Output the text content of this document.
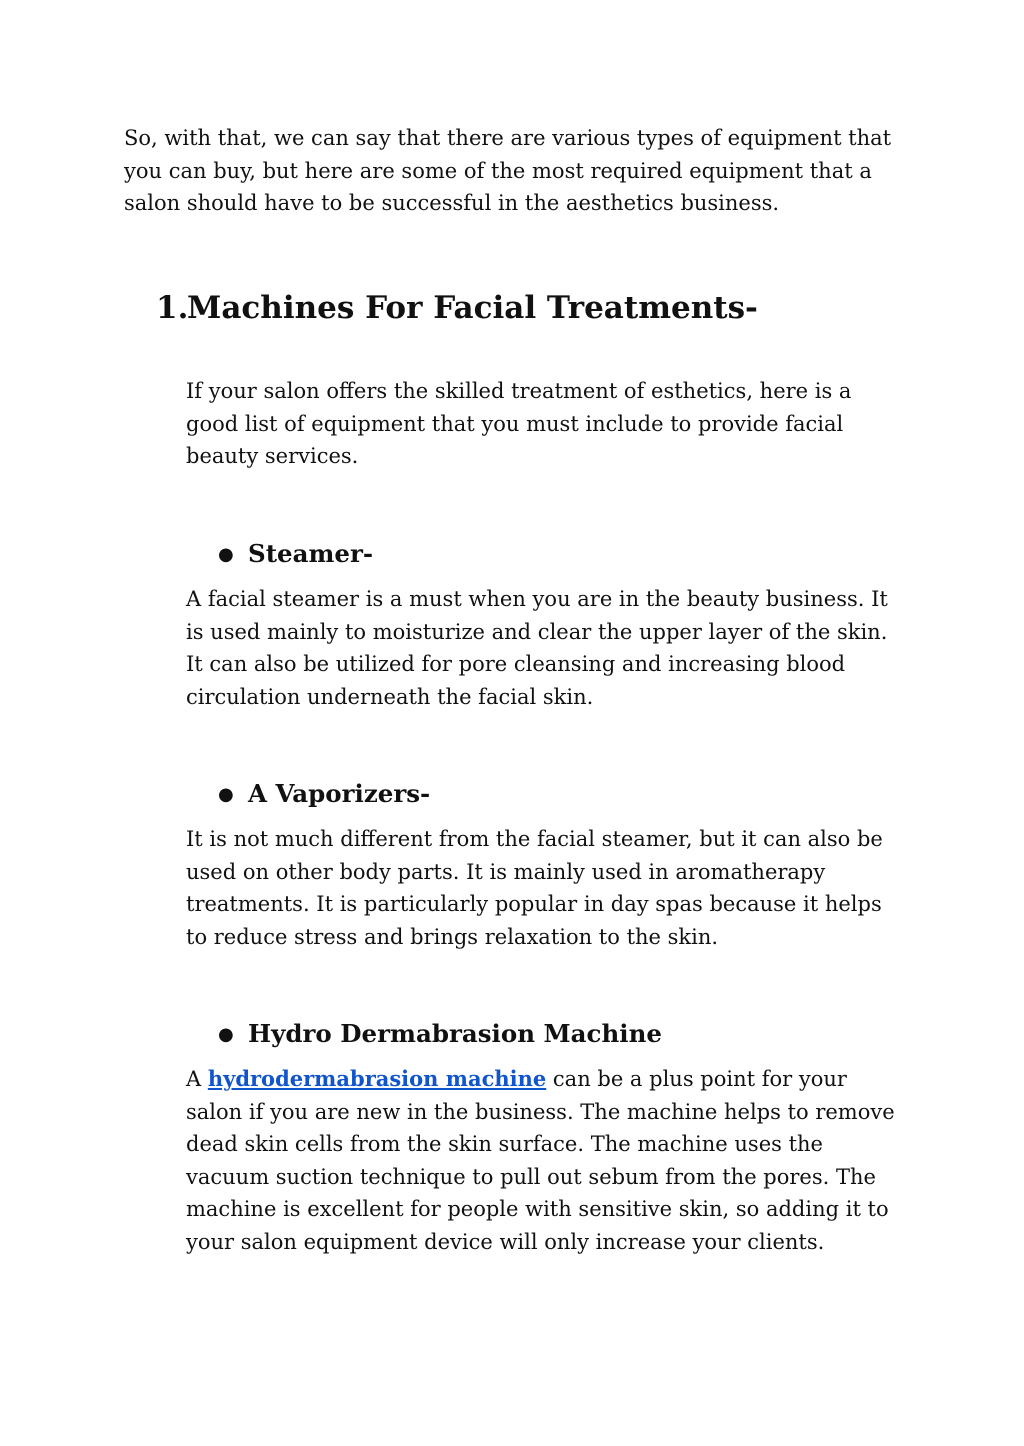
So, with that, we can say that there are various types of equipment that you can buy, but here are some of the most required equipment that a salon should have to be successful in the aesthetics business.

1.Machines For Facial Treatments-

If your salon offers the skilled treatment of esthetics, here is a good list of equipment that you must include to provide facial beauty services.

● Steamer-

A facial steamer is a must when you are in the beauty business. It is used mainly to moisturize and clear the upper layer of the skin. It can also be utilized for pore cleansing and increasing blood circulation underneath the facial skin.

● A Vaporizers-

It is not much different from the facial steamer, but it can also be used on other body parts. It is mainly used in aromatherapy treatments. It is particularly popular in day spas because it helps to reduce stress and brings relaxation to the skin.

● Hydro Dermabrasion Machine

A hydrodermabrasion machine can be a plus point for your salon if you are new in the business. The machine helps to remove dead skin cells from the skin surface. The machine uses the vacuum suction technique to pull out sebum from the pores. The machine is excellent for people with sensitive skin, so adding it to your salon equipment device will only increase your clients.
